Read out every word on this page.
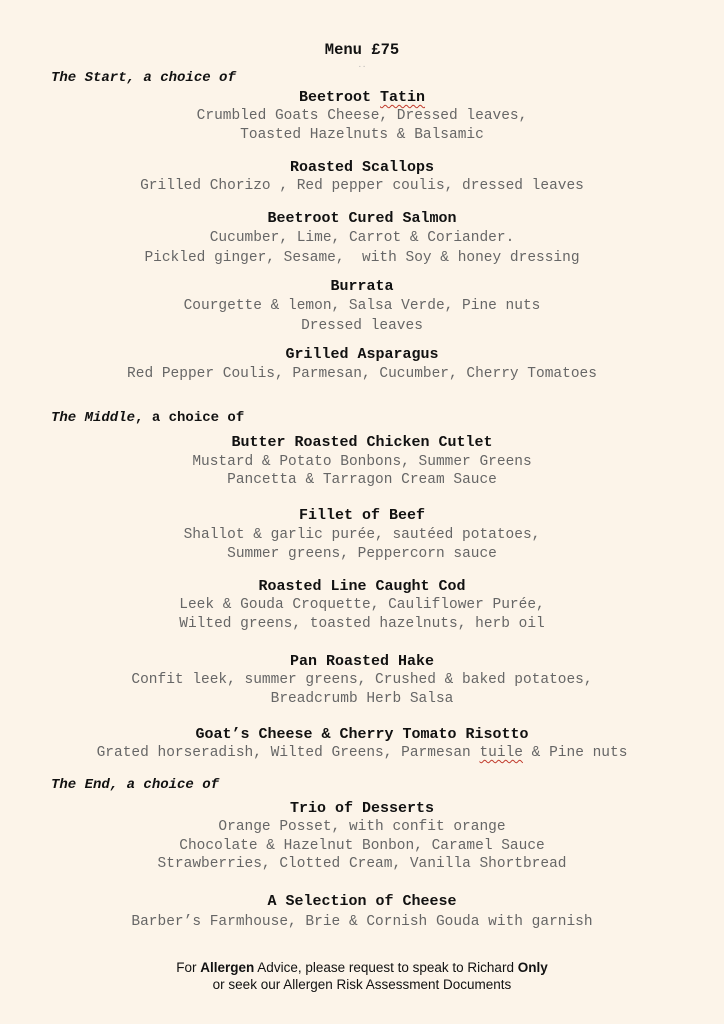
Menu £75
..
The Start, a choice of
Beetroot Tatin
Crumbled Goats Cheese, Dressed leaves,
Toasted Hazelnuts & Balsamic
Roasted Scallops
Grilled Chorizo , Red pepper coulis, dressed leaves
Beetroot Cured Salmon
Cucumber, Lime, Carrot & Coriander.
Pickled ginger, Sesame,  with Soy & honey dressing
Burrata
Courgette & lemon, Salsa Verde, Pine nuts
Dressed leaves
Grilled Asparagus
Red Pepper Coulis, Parmesan, Cucumber, Cherry Tomatoes
The Middle, a choice of
Butter Roasted Chicken Cutlet
Mustard & Potato Bonbons, Summer Greens
Pancetta & Tarragon Cream Sauce
Fillet of Beef
Shallot & garlic purée, sautéed potatoes,
Summer greens, Peppercorn sauce
Roasted Line Caught Cod
Leek & Gouda Croquette, Cauliflower Purée,
Wilted greens, toasted hazelnuts, herb oil
Pan Roasted Hake
Confit leek, summer greens, Crushed & baked potatoes,
Breadcrumb Herb Salsa
Goat’s Cheese & Cherry Tomato Risotto
Grated horseradish, Wilted Greens, Parmesan tuile & Pine nuts
The End, a choice of
Trio of Desserts
Orange Posset, with confit orange
Chocolate & Hazelnut Bonbon, Caramel Sauce
Strawberries, Clotted Cream, Vanilla Shortbread
A Selection of Cheese
Barber’s Farmhouse, Brie & Cornish Gouda with garnish
For Allergen Advice, please request to speak to Richard Only
or seek our Allergen Risk Assessment Documents
